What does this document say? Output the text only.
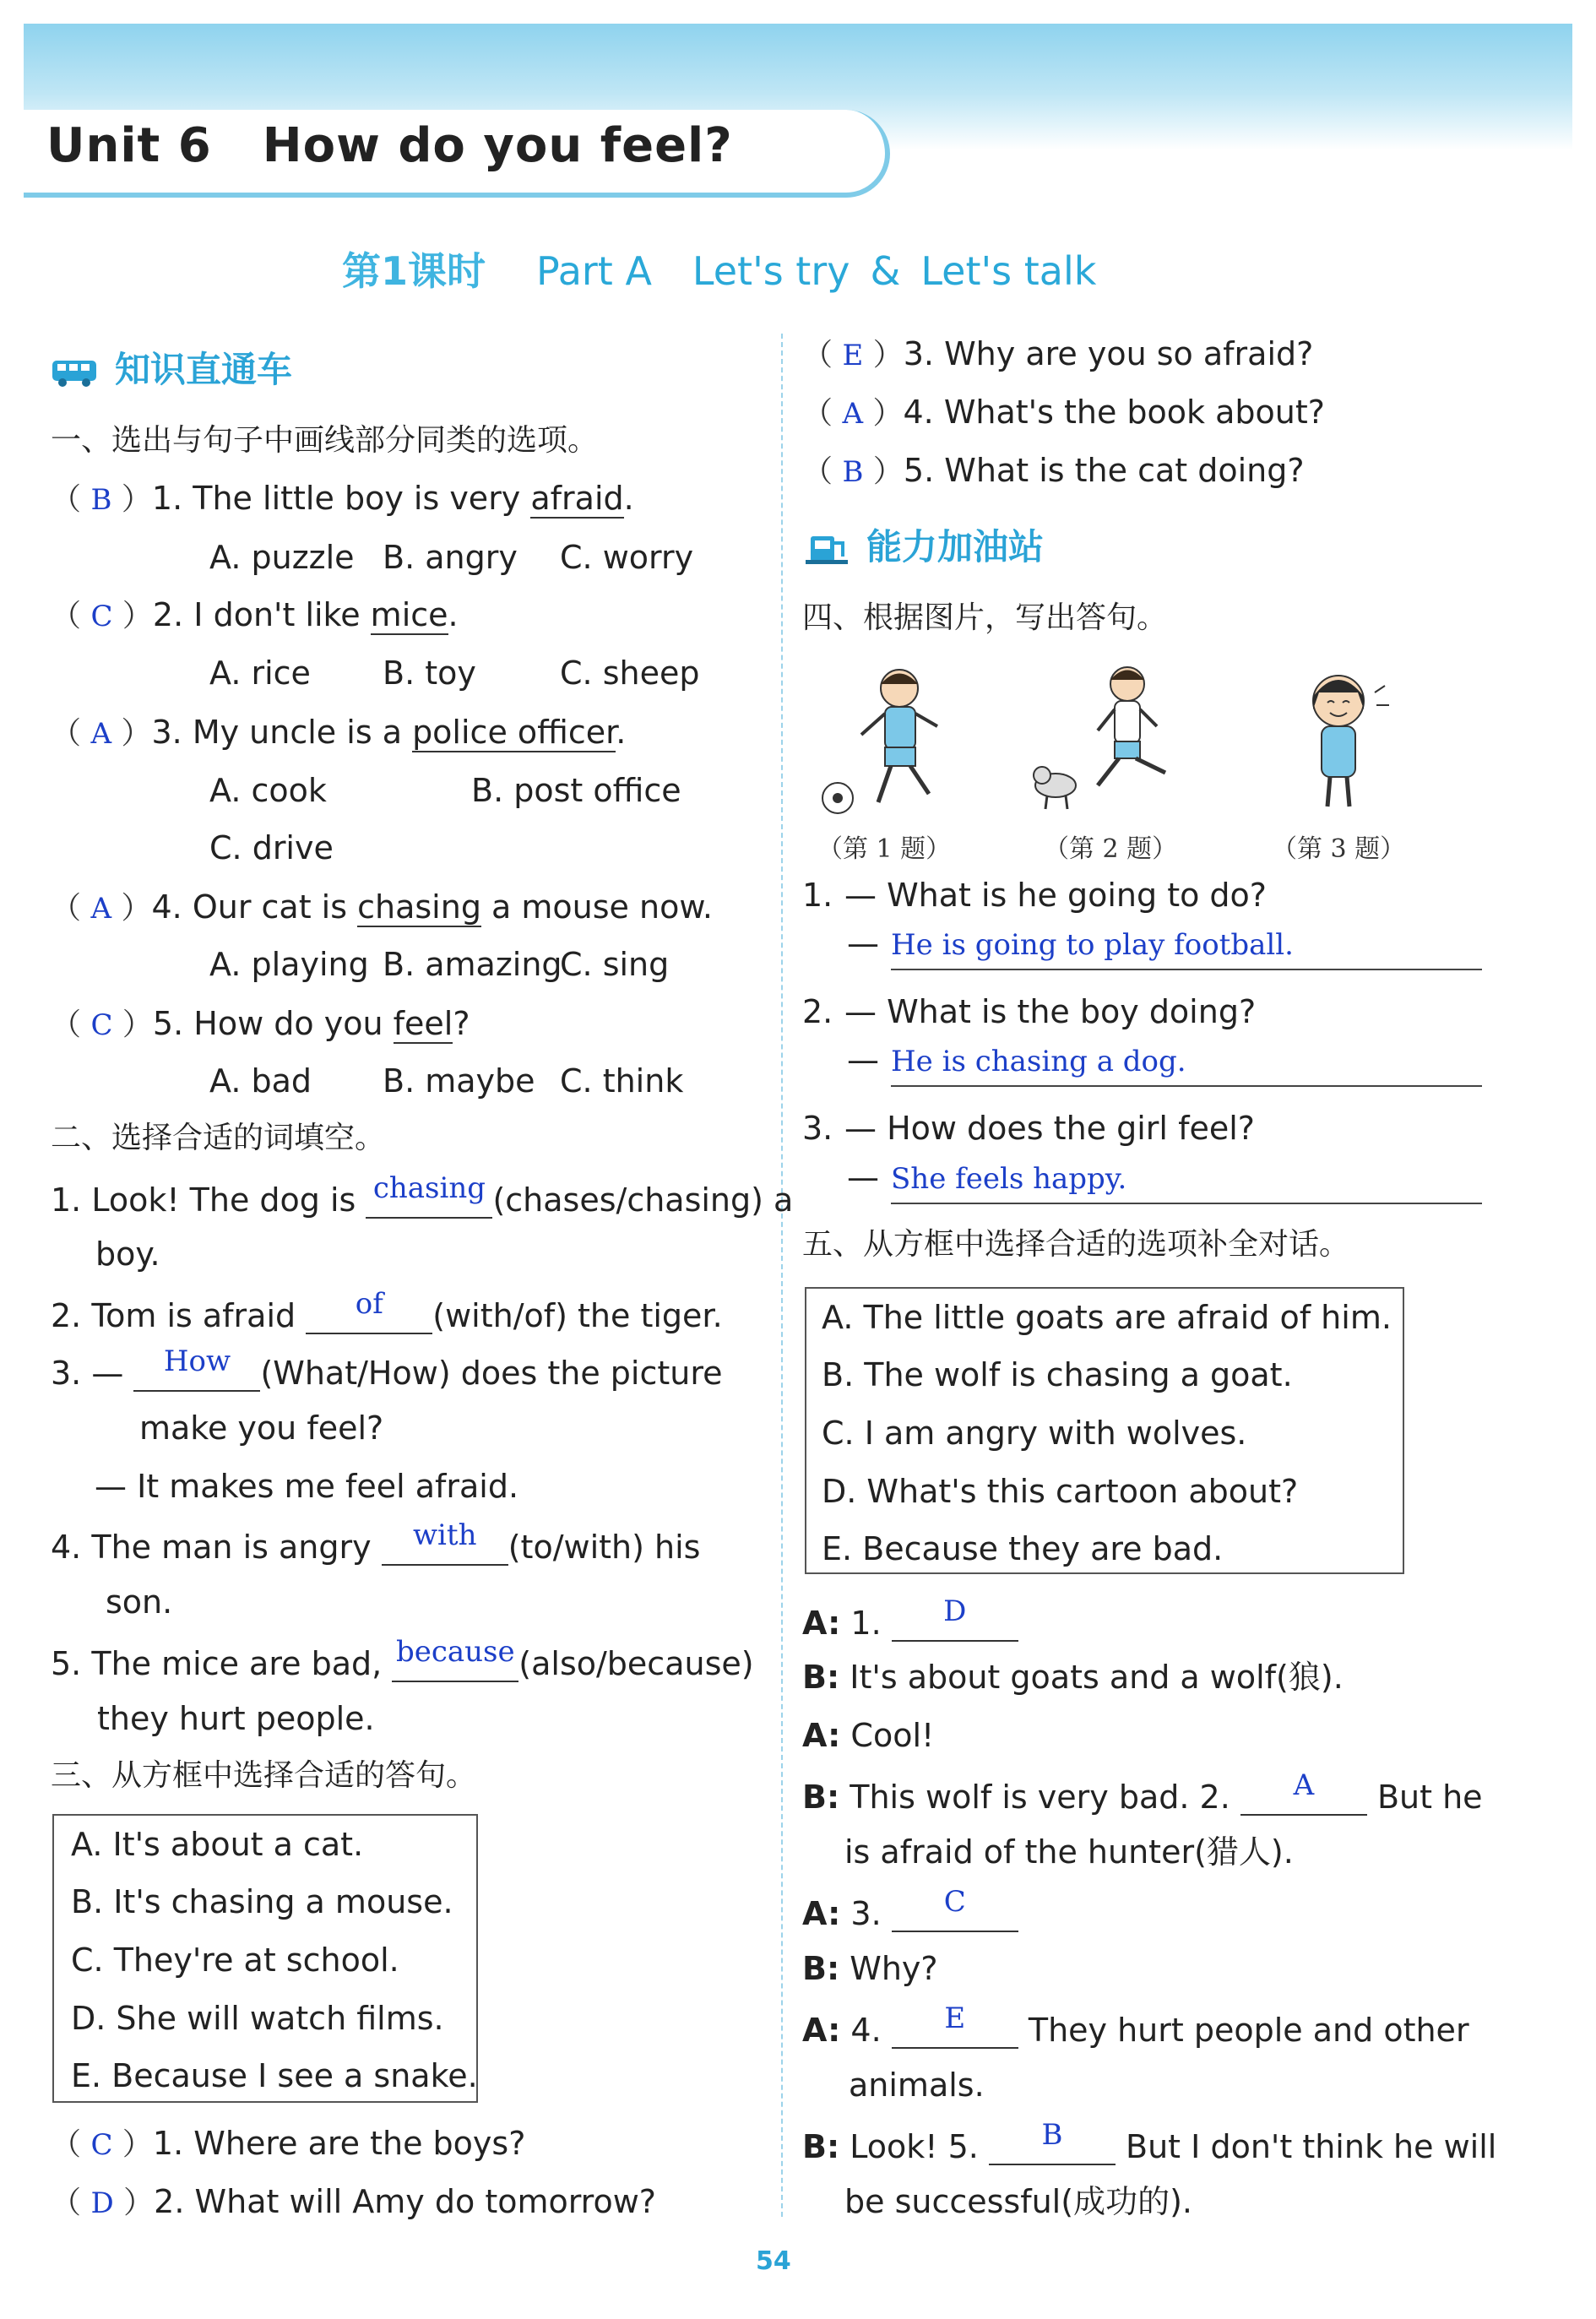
Unit 6 How do you feel?
第1课时 Part A Let's try & Let's talk
知识直通车
一、选出与句子中画线部分同类的选项。
（ B ）1. The little boy is very afraid.
A. puzzle B. angry C. worry
（ C ）2. I don't like mice.
A. rice B. toy	C. sheep
（ A ）3. My uncle is a police officer.
A. cook	B. post office
C. drive
（ A ）4. Our cat is chasing a mouse now.
A. playing B. amazingC. sing
（ C ）5. How do you feel?
A. bad B. maybe C. think
二、选择合适的词填空。
1. Look! The dog is chasing (chases/chasing) a
boy.
2. Tom is afraid of (with/of) the tiger.
3. — How (What/How) does the picture
make you feel?
— It makes me feel afraid.
4. The man is angry with (to/with) his
son.
5. The mice are bad, because (also/because)
they hurt people.
三、从方框中选择合适的答句。
A. It's about a cat.
B. It's chasing a mouse.
C. They're at school.
D. She will watch films.
E. Because I see a snake.
（ C ）1. Where are the boys?
（ D ）2. What will Amy do tomorrow?
（ E ）3. Why are you so afraid?
（ A ）4. What's the book about?
（ B ）5. What is the cat doing?
能力加油站
四、根据图片，写出答句。
（第 1 题）	（第 2 题）	（第 3 题）
1. — What is he going to do?
— He is going to play football.
2. — What is the boy doing?
— He is chasing a dog.
3. — How does the girl feel?
— She feels happy.
五、从方框中选择合适的选项补全对话。
A. The little goats are afraid of him.
B. The wolf is chasing a goat.
C. I am angry with wolves.
D. What's this cartoon about?
E. Because they are bad.
A: 1. D
B: It's about goats and a wolf(狼).
A: Cool!
B: This wolf is very bad. 2. A But he
is afraid of the hunter(猎人).
A: 3. C
B: Why?
A: 4. E They hurt people and other
animals.
B: Look! 5. B But I don't think he will
be successful(成功的).
54
